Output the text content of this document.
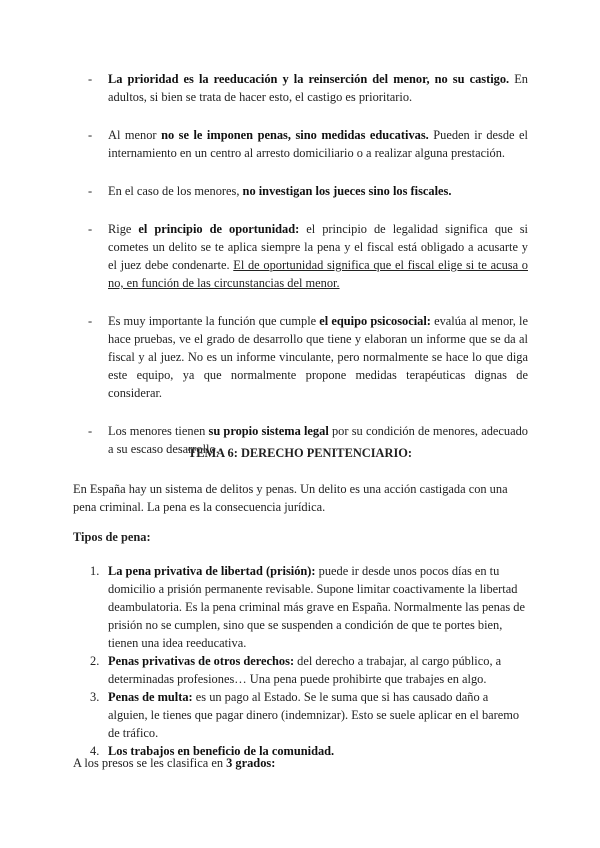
-	La prioridad es la reeducación y la reinserción del menor, no su castigo. En adultos, si bien se trata de hacer esto, el castigo es prioritario.
-	Al menor no se le imponen penas, sino medidas educativas. Pueden ir desde el internamiento en un centro al arresto domiciliario o a realizar alguna prestación.
-	En el caso de los menores, no investigan los jueces sino los fiscales.
-	Rige el principio de oportunidad: el principio de legalidad significa que si cometes un delito se te aplica siempre la pena y el fiscal está obligado a acusarte y el juez debe condenarte. El de oportunidad significa que el fiscal elige si te acusa o no, en función de las circunstancias del menor.
-	Es muy importante la función que cumple el equipo psicosocial: evalúa al menor, le hace pruebas, ve el grado de desarrollo que tiene y elaboran un informe que se da al fiscal y al juez. No es un informe vinculante, pero normalmente se hace lo que diga este equipo, ya que normalmente propone medidas terapéuticas dignas de considerar.
-	Los menores tienen su propio sistema legal por su condición de menores, adecuado a su escaso desarrollo.
TEMA 6: DERECHO PENITENCIARIO:
En España hay un sistema de delitos y penas. Un delito es una acción castigada con una pena criminal. La pena es la consecuencia jurídica.
Tipos de pena:
1. La pena privativa de libertad (prisión): puede ir desde unos pocos días en tu domicilio a prisión permanente revisable. Supone limitar coactivamente la libertad deambulatoria. Es la pena criminal más grave en España. Normalmente las penas de prisión no se cumplen, sino que se suspenden a condición de que te portes bien, tienen una idea reeducativa.
2. Penas privativas de otros derechos: del derecho a trabajar, al cargo público, a determinadas profesiones… Una pena puede prohibirte que trabajes en algo.
3. Penas de multa: es un pago al Estado. Se le suma que si has causado daño a alguien, le tienes que pagar dinero (indemnizar). Esto se suele aplicar en el baremo de tráfico.
4. Los trabajos en beneficio de la comunidad.
A los presos se les clasifica en 3 grados:
